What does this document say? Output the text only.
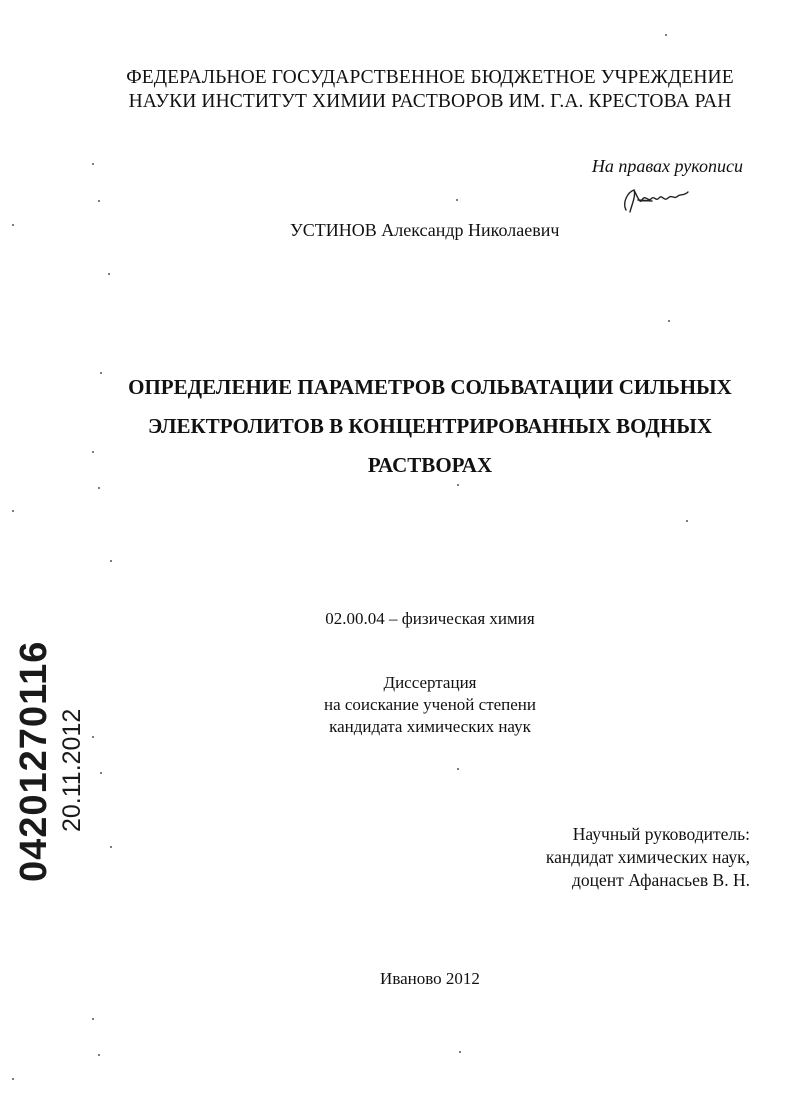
ФЕДЕРАЛЬНОЕ ГОСУДАРСТВЕННОЕ БЮДЖЕТНОЕ УЧРЕЖДЕНИЕ
НАУКИ ИНСТИТУТ ХИМИИ РАСТВОРОВ ИМ. Г.А. КРЕСТОВА РАН
На правах рукописи
УСТИНОВ Александр Николаевич
ОПРЕДЕЛЕНИЕ ПАРАМЕТРОВ СОЛЬВАТАЦИИ СИЛЬНЫХ
ЭЛЕКТРОЛИТОВ В КОНЦЕНТРИРОВАННЫХ ВОДНЫХ
РАСТВОРАХ
02.00.04 – физическая химия
Диссертация
на соискание ученой степени
кандидата химических наук
Научный руководитель:
кандидат химических наук,
доцент Афанасьев В. Н.
Иваново 2012
04201270116 20.11.2012
